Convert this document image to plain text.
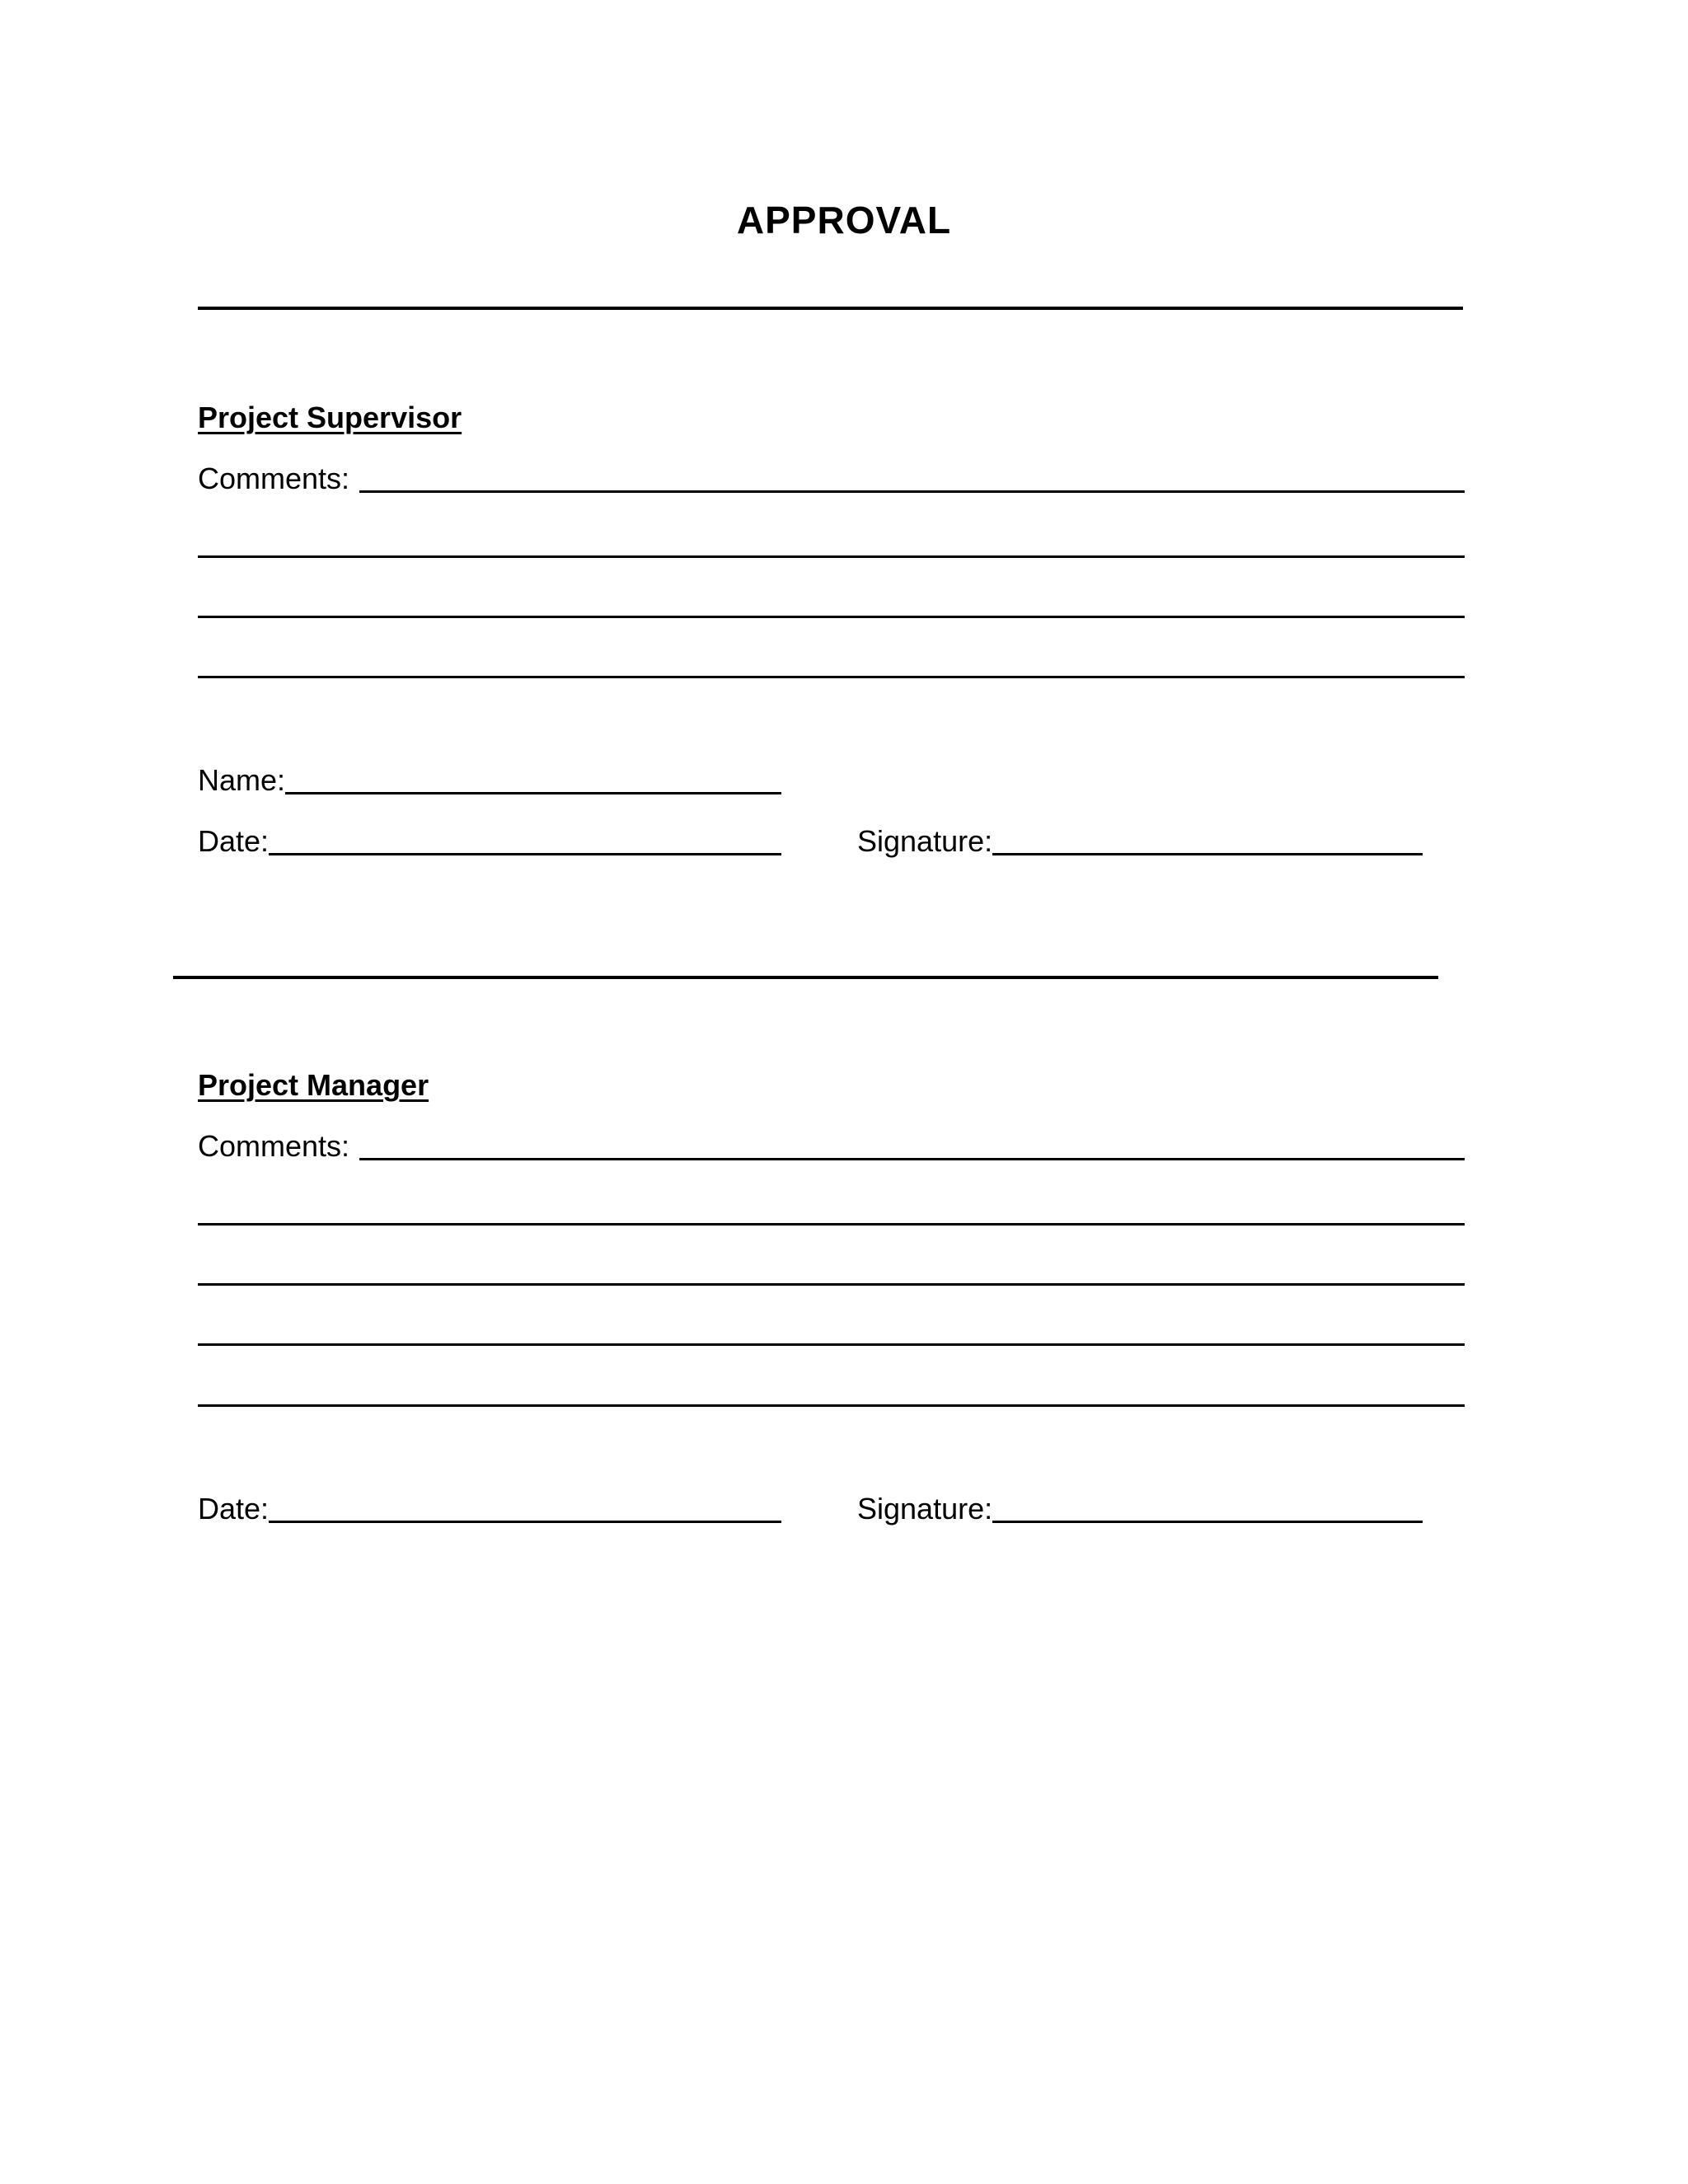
APPROVAL
Project Supervisor
Comments:
Name:
Date:	Signature:
Project Manager
Comments:
Date:	Signature:
